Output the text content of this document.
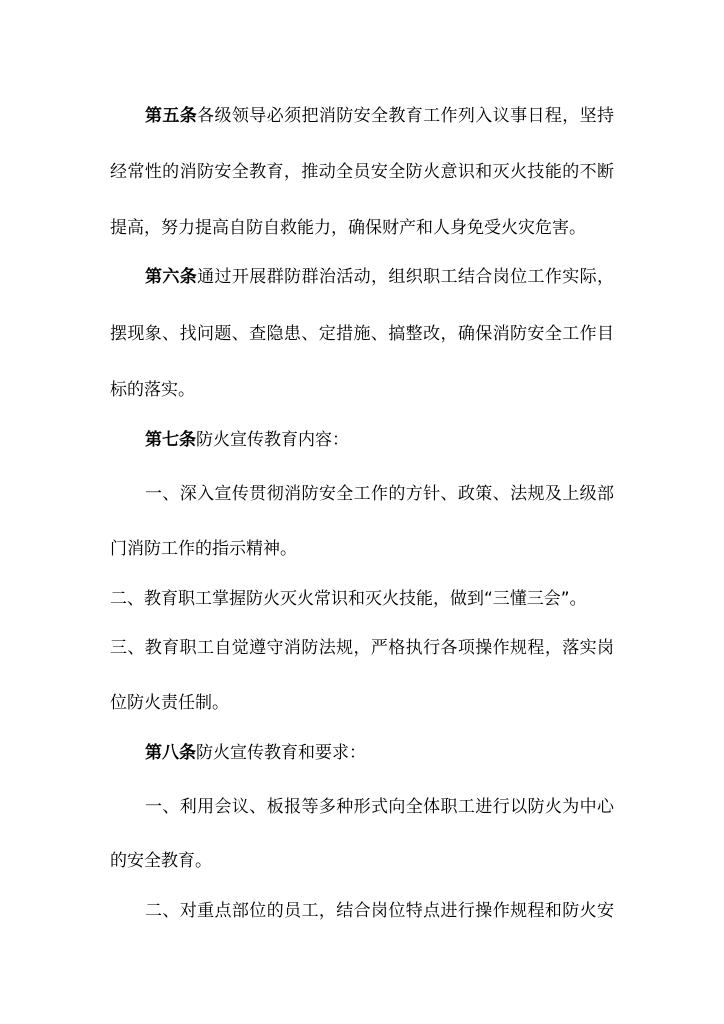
第五条各级领导必须把消防安全教育工作列入议事日程，坚持
经常性的消防安全教育，推动全员安全防火意识和灭火技能的不断
提高，努力提高自防自救能力，确保财产和人身免受火灾危害。
第六条通过开展群防群治活动，组织职工结合岗位工作实际，
摆现象、找问题、查隐患、定措施、搞整改，确保消防安全工作目
标的落实。
第七条防火宣传教育内容：
一、深入宣传贯彻消防安全工作的方针、政策、法规及上级部
门消防工作的指示精神。
二、教育职工掌握防火灭火常识和灭火技能，做到“三懂三会”。
三、教育职工自觉遵守消防法规，严格执行各项操作规程，落实岗
位防火责任制。
第八条防火宣传教育和要求：
一、利用会议、板报等多种形式向全体职工进行以防火为中心
的安全教育。
二、对重点部位的员工，结合岗位特点进行操作规程和防火安
